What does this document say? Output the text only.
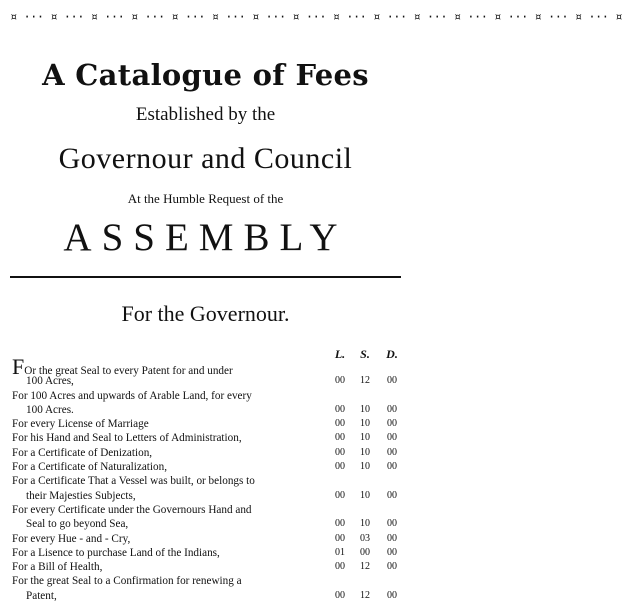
¤ ··· ¤ ··· ¤ ··· ¤ ··· ¤ ··· ¤ ··· ¤ ··· ¤ ··· ¤ ··· ¤ ··· ¤ ··· ¤ ··· ¤ ··· ¤ ··· ¤ ··· ¤
A Catalogue of Fees
Established by the
Governour and Council
At the Humble Request of the
ASSEMBLY
For the Governour.
L.	S.	D.
FOr the great Seal to every Patent for and under
100 Acres,	00	12	00
For 100 Acres and upwards of Arable Land, for every
100 Acres.	00	10	00
For every License of Marriage	00	10	00
For his Hand and Seal to Letters of Administration,	00	10	00
For a Certificate of Denization,	00	10	00
For a Certificate of Naturalization,	00	10	00
For a Certificate That a Vessel was built, or belongs to
their Majesties Subjects,	00	10	00
For every Certificate under the Governours Hand and
Seal to go beyond Sea,	00	10	00
For every Hue - and - Cry,	00	03	00
For a Lisence to purchase Land of the Indians,	01	00	00
For a Bill of Health,	00	12	00
For the great Seal to a Confirmation for renewing a
Patent,	00	12	00
